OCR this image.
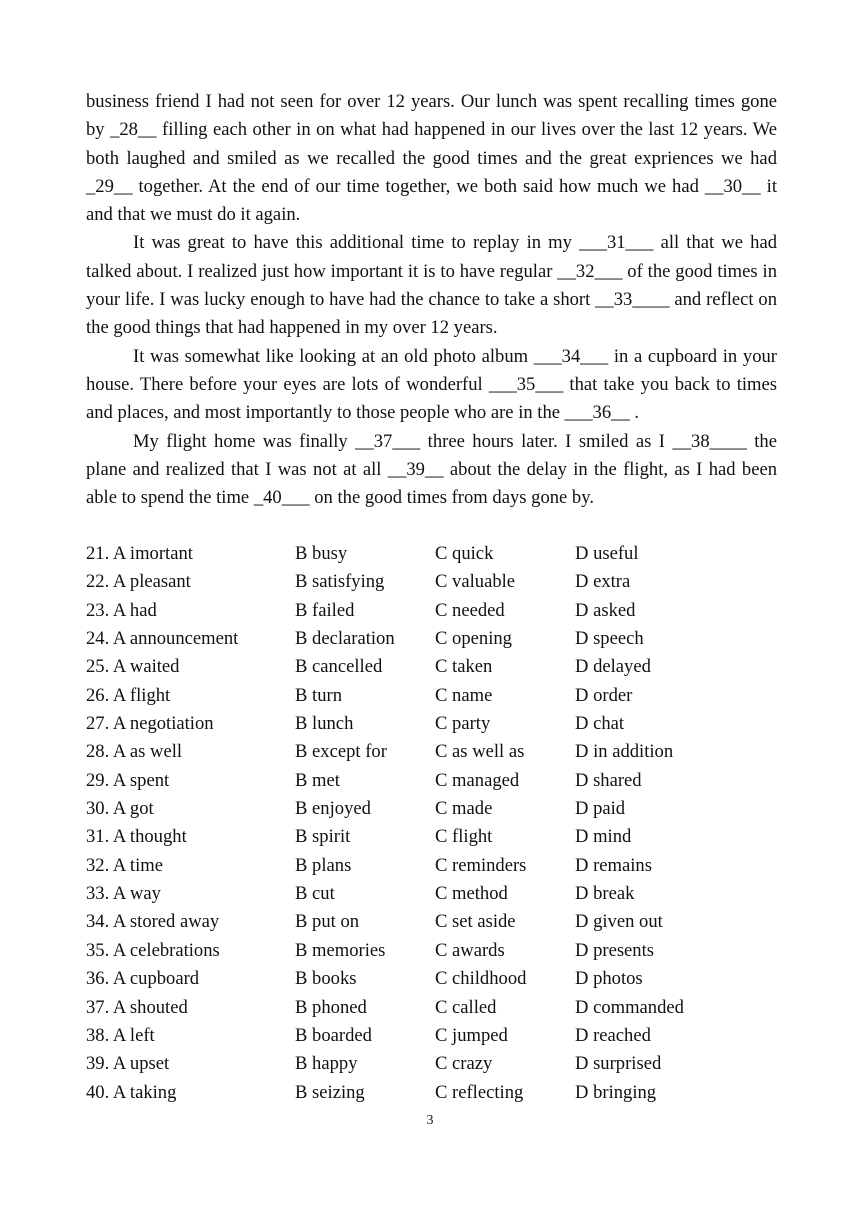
business friend I had not seen for over 12 years. Our lunch was spent recalling times gone by _28__ filling each other in on what had happened in our lives over the last 12 years. We both laughed and smiled as we recalled the good times and the great expriences we had _29__ together. At the end of our time together, we both said how much we had __30__ it and that we must do it again.

It was great to have this additional time to replay in my ___31___ all that we had talked about. I realized just how important it is to have regular __32___ of the good times in your life. I was lucky enough to have had the chance to take a short __33____ and reflect on the good things that had happened in my over 12 years.

It was somewhat like looking at an old photo album ___34___ in a cupboard in your house. There before your eyes are lots of wonderful ___35___ that take you back to times and places, and most importantly to those people who are in the ___36__ .

My flight home was finally __37___ three hours later. I smiled as I __38____ the plane and realized that I was not at all __39__ about the delay in the flight, as I had been able to spend the time _40___ on the good times from days gone by.

21. A imortant	B busy	C quick	D useful
22. A pleasant	B satisfying	C valuable	D extra
23. A had	B failed	C needed	D asked
24. A announcement	B declaration C opening	D speech
25. A waited	B cancelled	C taken	D delayed
26. A flight	B turn	C name	D order
27. A negotiation	B lunch	C party	D chat
28. A as well	B except for	C as well as	D in addition
29. A spent	B met	C managed	D shared
30. A got	B enjoyed	C made	D paid
31. A thought	B spirit	C flight	D mind
32. A time	B plans	C reminders	D remains
33. A way	B cut	C method	D break
34. A stored away	B put on	C set aside	D given out
35. A celebrations	B memories	C awards	D presents
36. A cupboard	B books	C childhood	D photos
37. A shouted	B phoned	C called	D commanded
38. A left	B boarded	C jumped	D reached
39. A upset	B happy	C crazy	D surprised
40. A taking	B seizing	C reflecting	D bringing
3
